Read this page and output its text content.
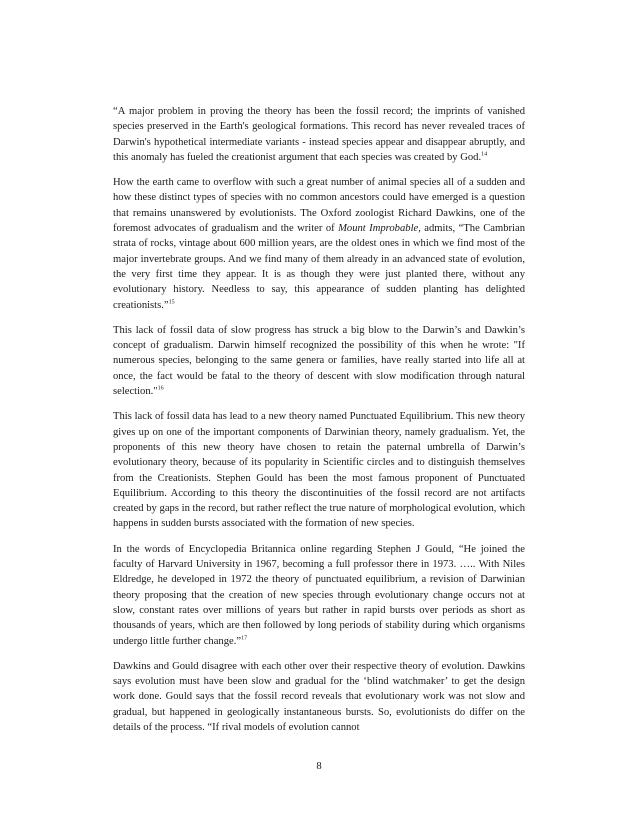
“A major problem in proving the theory has been the fossil record; the imprints of vanished species preserved in the Earth's geological formations. This record has never revealed traces of Darwin's hypothetical intermediate variants - instead species appear and disappear abruptly, and this anomaly has fueled the creationist argument that each species was created by God.$^{14}$

How the earth came to overflow with such a great number of animal species all of a sudden and how these distinct types of species with no common ancestors could have emerged is a question that remains unanswered by evolutionists. The Oxford zoologist Richard Dawkins, one of the foremost advocates of gradualism and the writer of Mount Improbable, admits, “The Cambrian strata of rocks, vintage about 600 million years, are the oldest ones in which we find most of the major invertebrate groups. And we find many of them already in an advanced state of evolution, the very first time they appear. It is as though they were just planted there, without any evolutionary history. Needless to say, this appearance of sudden planting has delighted creationists.”$^{15}$

This lack of fossil data of slow progress has struck a big blow to the Darwin’s and Dawkin’s concept of gradualism. Darwin himself recognized the possibility of this when he wrote: "If numerous species, belonging to the same genera or families, have really started into life all at once, the fact would be fatal to the theory of descent with slow modification through natural selection."$^{16}$

This lack of fossil data has lead to a new theory named Punctuated Equilibrium. This new theory gives up on one of the important components of Darwinian theory, namely gradualism. Yet, the proponents of this new theory have chosen to retain the paternal umbrella of Darwin’s evolutionary theory, because of its popularity in Scientific circles and to distinguish themselves from the Creationists. Stephen Gould has been the most famous proponent of Punctuated Equilibrium. According to this theory the discontinuities of the fossil record are not artifacts created by gaps in the record, but rather reflect the true nature of morphological evolution, which happens in sudden bursts associated with the formation of new species.

In the words of Encyclopedia Britannica online regarding Stephen J Gould, “He joined the faculty of Harvard University in 1967, becoming a full professor there in 1973. ….. With Niles Eldredge, he developed in 1972 the theory of punctuated equilibrium, a revision of Darwinian theory proposing that the creation of new species through evolutionary change occurs not at slow, constant rates over millions of years but rather in rapid bursts over periods as short as thousands of years, which are then followed by long periods of stability during which organisms undergo little further change.”$^{17}$

Dawkins and Gould disagree with each other over their respective theory of evolution. Dawkins says evolution must have been slow and gradual for the ‘blind watchmaker’ to get the design work done. Gould says that the fossil record reveals that evolutionary work was not slow and gradual, but happened in geologically instantaneous bursts. So, evolutionists do differ on the details of the process. “If rival models of evolution cannot

8
